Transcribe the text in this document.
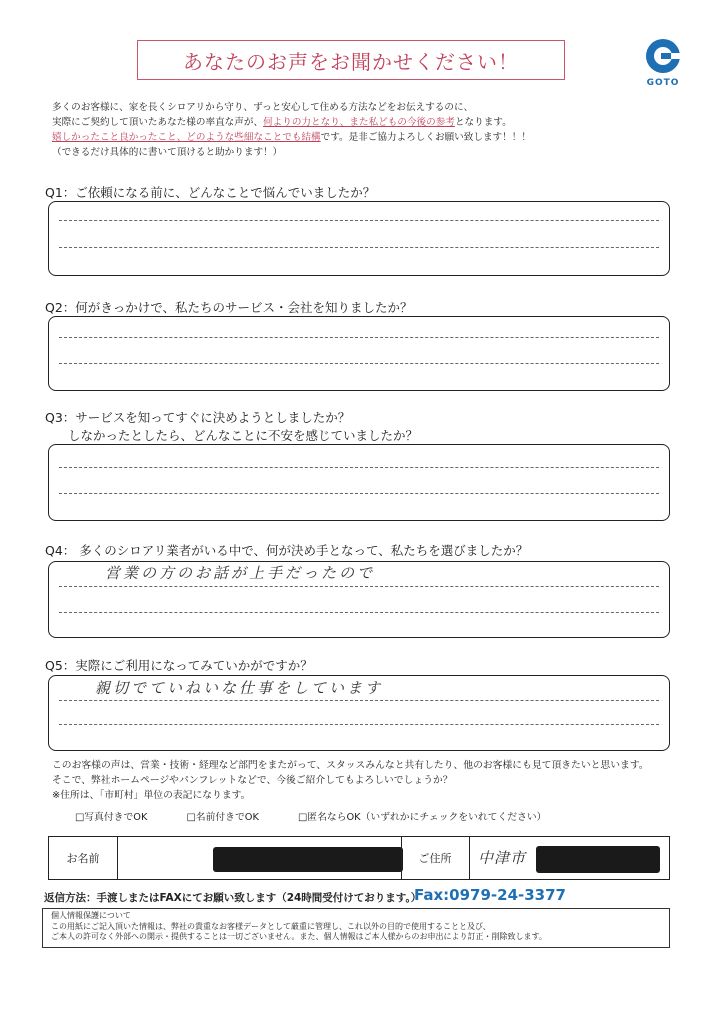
あなたのお声をお聞かせください！
GOTO
多くのお客様に、家を長くシロアリから守り、ずっと安心して住める方法などをお伝えするのに、
実際にご契約して頂いたあなた様の率直な声が、何よりの力となり、また私どもの今後の参考となります。
嬉しかったこと良かったこと、どのような些細なことでも結構です。是非ご協力よろしくお願い致します！！！
（できるだけ具体的に書いて頂けると助かります！）
Q1：ご依頼になる前に、どんなことで悩んでいましたか？
Q2：何がきっかけで、私たちのサービス・会社を知りましたか？
Q3：サービスを知ってすぐに決めようとしましたか？
しなかったとしたら、どんなことに不安を感じていましたか？
Q4： 多くのシロアリ業者がいる中で、何が決め手となって、私たちを選びましたか？
営業の方のお話が上手だったので
Q5：実際にご利用になってみていかがですか？
親切でていねいな仕事をしています
このお客様の声は、営業・技術・経理など部門をまたがって、スタッスみんなと共有したり、他のお客様にも見て頂きたいと思います。
そこで、弊社ホームページやパンフレットなどで、今後ご紹介してもよろしいでしょうか？
※住所は、「市町村」単位の表記になります。
□写真付きでOK	□名前付きでOK	□匿名ならOK（いずれかにチェックをいれてください）
お名前	ご住所	中津市
返信方法：手渡しまたはFAXにてお願い致します（24時間受付けております。）
Fax:0979-24-3377
個人情報保護について
この用紙にご記入頂いた情報は、弊社の貴重なお客様データとして厳重に管理し、これ以外の目的で使用することと及び、
ご本人の許可なく外部への開示・提供することは一切ございません。また、個人情報はご本人様からのお申出により訂正・削除致します。
